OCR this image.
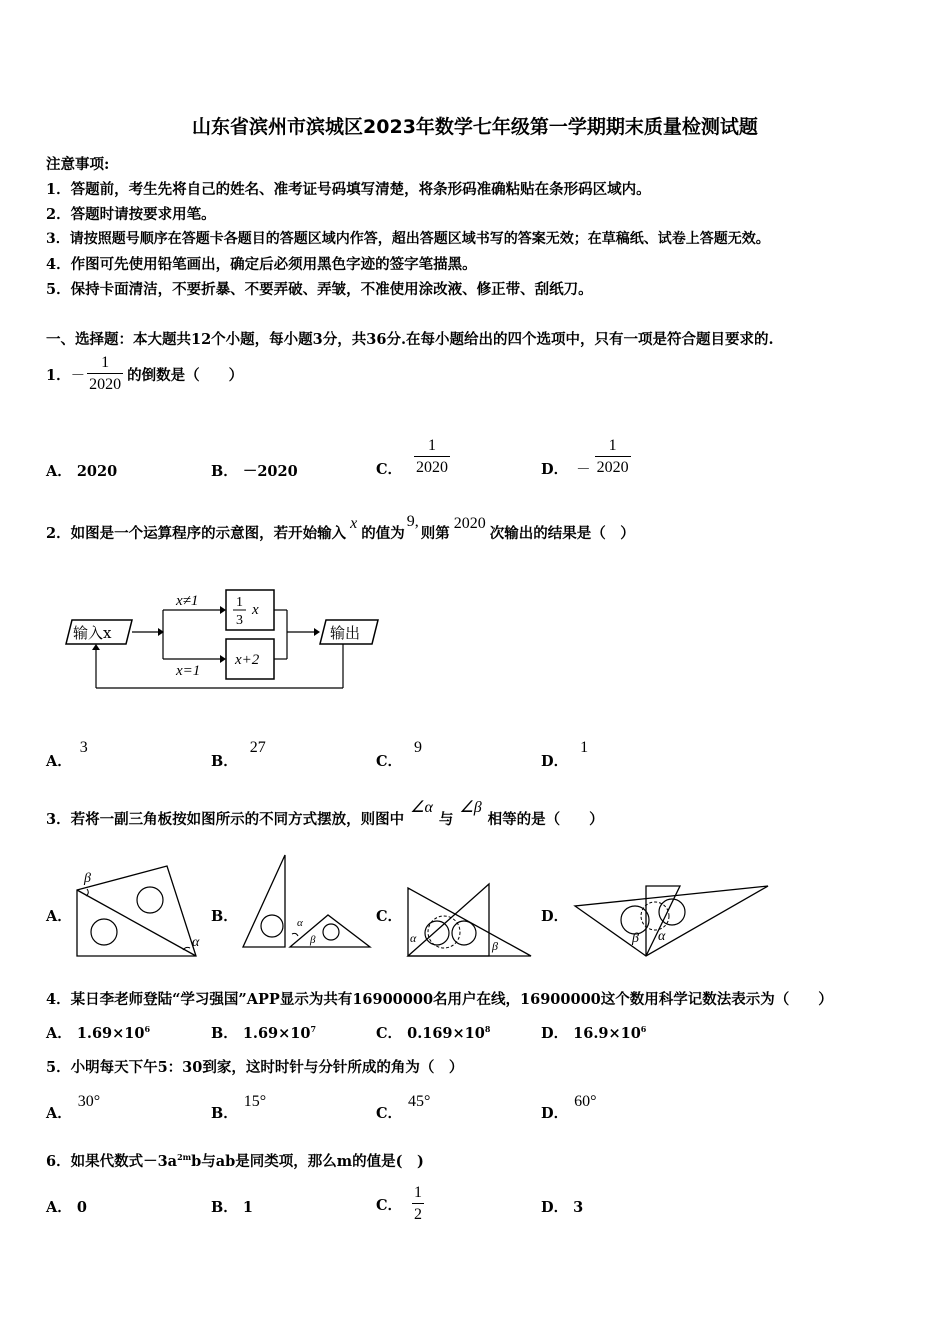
山东省滨州市滨城区2023年数学七年级第一学期期末质量检测试题
注意事项:
1．答题前，考生先将自己的姓名、准考证号码填写清楚，将条形码准确粘贴在条形码区域内。
2．答题时请按要求用笔。
3．请按照题号顺序在答题卡各题目的答题区域内作答，超出答题区域书写的答案无效；在草稿纸、试卷上答题无效。
4．作图可先使用铅笔画出，确定后必须用黑色字迹的签字笔描黑。
5．保持卡面清洁，不要折暴、不要弄破、弄皱，不准使用涂改液、修正带、刮纸刀。
一、选择题：本大题共12个小题，每小题3分，共36分.在每小题给出的四个选项中，只有一项是符合题目要求的.
1． － $\frac{1}{2020}$ 的倒数是（　　）
A． 2020	B． －2020	C． $\frac{1}{2020}$	D． － $\frac{1}{2020}$
2．如图是一个运算程序的示意图，若开始输入x的值为9,则第2020次输出的结果是（　）
输入x
x≠1
x=1
1
3
x
x+2
输出
A．3
B．27
C．9
D．1
3．若将一副三角板按如图所示的不同方式摆放，则图中∠α与∠β相等的是（　　）
A．	B．	C．	D．
β
α
α
β	α
β	β α
4．某日李老师登陆“学习强国”APP显示为共有16900000名用户在线，16900000这个数用科学记数法表示为（　　）
A． $1.69\times 10^6$	B． $1.69\times 10^7$	C． $0.169\times 10^8$	D． $16.9\times 10^6$
5．小明每天下午5：30到家，这时时针与分针所成的角为（　）
A．30°
B．15°
C．45°
D．60°
6．如果代数式$-3a^{2m}b$与ab是同类项，那么m的值是(　)
A． 0	B． 1	C． $\frac{1}{2}$	D． 3
